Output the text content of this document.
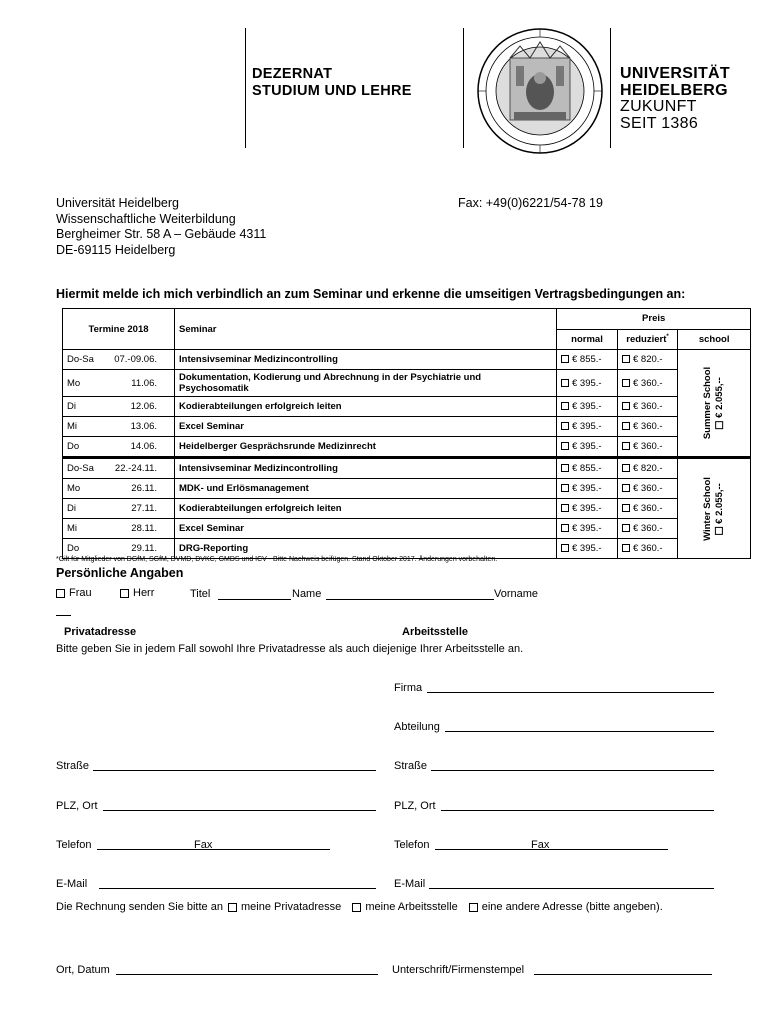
DEZERNAT
STUDIUM UND LEHRE
UNIVERSITÄT
HEIDELBERG
ZUKUNFT
SEIT 1386
Universität Heidelberg
Wissenschaftliche Weiterbildung
Bergheimer Str. 58 A – Gebäude 4311
DE-69115 Heidelberg
Fax: +49(0)6221/54-78 19
Hiermit melde ich mich verbindlich an zum Seminar und erkenne die umseitigen Vertragsbedingungen an:
Termine 2018	Seminar	Preis		
		normal	reduziert*	school
Do-Sa 07.-09.06.	Intensivseminar Medizincontrolling	€ 855.-	€ 820.-	Summer School € 2.055,--

Mo 11.06.	Dokumentation, Kodierung und Abrechnung in der Psychiatrie und Psychosomatik	€ 395.-	€ 360.-	
Di 12.06.	Kodierabteilungen erfolgreich leiten	€ 395.-	€ 360.-	
Mi 13.06.	Excel Seminar	€ 395.-	€ 360.-	
Do 14.06.	Heidelberger Gesprächsrunde Medizinrecht	€ 395.-	€ 360.-	
Do-Sa 22.-24.11.	Intensivseminar Medizincontrolling	€ 855.-	€ 820.-	Winter School € 2.055,--

Mo 26.11.	MDK- und Erlösmanagement	€ 395.-	€ 360.-	
Di 27.11.	Kodierabteilungen erfolgreich leiten	€ 395.-	€ 360.-	
Mi 28.11.	Excel Seminar	€ 395.-	€ 360.-	
Do 29.11.	DRG-Reporting	€ 395.-	€ 360.-	
*Gilt für Mitglieder von DGfM, SGfM, DVMD, DVKC, GMDS und ICV - Bitte Nachweis beifügen. Stand Oktober 2017. Änderungen vorbehalten.
Persönliche Angaben
Frau	Herr	Titel	Name	Vorname
Privatadresse	Arbeitsstelle
Bitte geben Sie in jedem Fall sowohl Ihre Privatadresse als auch diejenige Ihrer Arbeitsstelle an.
Firma
Abteilung
Straße	Straße
PLZ, Ort	PLZ, Ort
Telefon	Fax	Telefon	Fax
E-Mail	E-Mail
Die Rechnung senden Sie bitte an meine Privatadresse meine Arbeitsstelle eine andere Adresse (bitte angeben).
Ort, Datum	Unterschrift/Firmenstempel
